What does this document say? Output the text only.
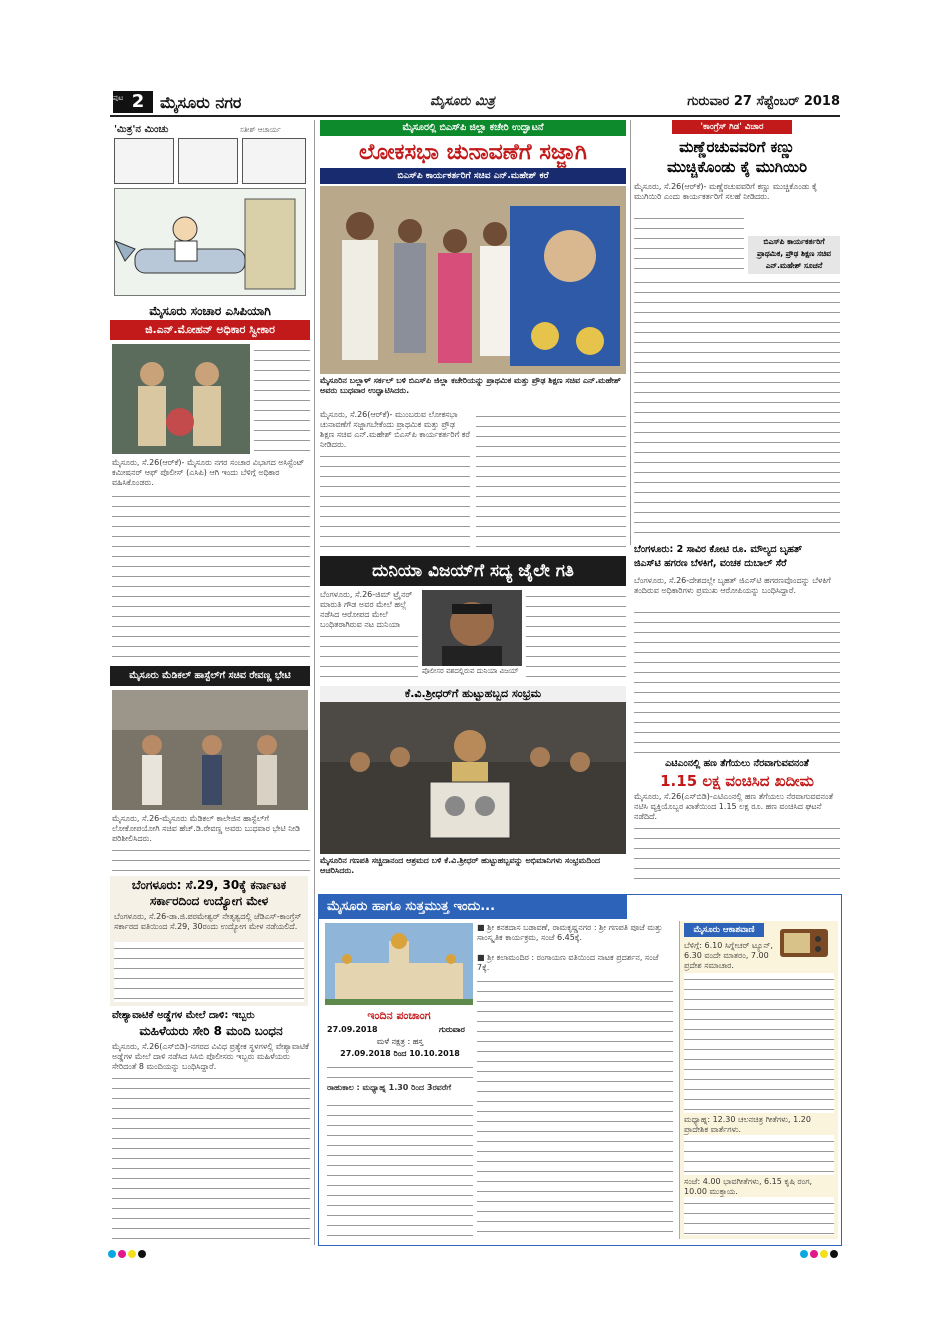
ಪುಟ 2 ಮೈಸೂರು ನಗರ	ಮೈಸೂರು ಮಿತ್ರ	ಗುರುವಾರ 27 ಸೆಪ್ಟೆಂಬರ್ 2018
'ಮಿತ್ರ'ನ ಮಿಂಚು	ಸತೀಶ್ ಆಚಾರ್ಯ
ಮೈಸೂರು ಸಂಚಾರ ಎಸಿಪಿಯಾಗಿ
ಜಿ.ಎನ್.ಮೋಹನ್ ಅಧಿಕಾರ ಸ್ವೀಕಾರ
ಮೈಸೂರು, ಸೆ.26(ಆರ್‌ಕೆ)- ಮೈಸೂರು ನಗರ ಸಂಚಾರ ವಿಭಾಗದ ಅಸಿಸ್ಟೆಂಟ್ ಕಮೀಷನರ್ ಆಫ್ ಪೊಲೀಸ್ (ಎಸಿಪಿ) ಆಗಿ ಇಂದು ಬೆಳಿಗ್ಗೆ ಅಧಿಕಾರ ವಹಿಸಿಕೊಂಡರು.
ಮೈಸೂರು ಮೆಡಿಕಲ್ ಹಾಸ್ಟೆಲ್‌ಗೆ ಸಚಿವ ರೇವಣ್ಣ ಭೇಟಿ
ಮೈಸೂರು, ಸೆ.26-ಮೈಸೂರು ಮೆಡಿಕಲ್ ಕಾಲೇಜಿನ ಹಾಸ್ಟೆಲ್‌ಗೆ ಲೋಕೋಪಯೋಗಿ ಸಚಿವ ಹೆಚ್.ಡಿ.ರೇವಣ್ಣ ಅವರು ಬುಧವಾರ ಭೇಟಿ ನೀಡಿ ಪರಿಶೀಲಿಸಿದರು.
ಬೆಂಗಳೂರು: ಸೆ.29, 30ಕ್ಕೆ ಕರ್ನಾಟಕ
ಸರ್ಕಾರದಿಂದ ಉದ್ಯೋಗ ಮೇಳ
ಬೆಂಗಳೂರು, ಸೆ.26-ಡಾ.ಜಿ.ಪರಮೇಶ್ವರ್ ನೇತೃತ್ವದಲ್ಲಿ ಜೆಡಿಎಸ್-ಕಾಂಗ್ರೆಸ್ ಸರ್ಕಾರದ ವತಿಯಿಂದ ಸೆ.29, 30ರಂದು ಉದ್ಯೋಗ ಮೇಳ ನಡೆಯಲಿದೆ.
ವೇಶ್ಯಾವಾಟಿಕೆ ಅಡ್ಡೆಗಳ ಮೇಲೆ ದಾಳಿ: ಇಬ್ಬರು
ಮಹಿಳೆಯರು ಸೇರಿ 8 ಮಂದಿ ಬಂಧನ
ಮೈಸೂರು, ಸೆ.26(ಎಸ್‌ಬಿಡಿ)-ನಗರದ ವಿವಿಧ ಪ್ರತ್ಯೇಕ ಸ್ಥಳಗಳಲ್ಲಿ ವೇಶ್ಯಾವಾಟಿಕೆ ಅಡ್ಡೆಗಳ ಮೇಲೆ ದಾಳಿ ನಡೆಸಿದ ಸಿಸಿಬಿ ಪೊಲೀಸರು ಇಬ್ಬರು ಮಹಿಳೆಯರು ಸೇರಿದಂತೆ 8 ಮಂದಿಯನ್ನು ಬಂಧಿಸಿದ್ದಾರೆ.
ಮೈಸೂರಲ್ಲಿ ಬಿಎಸ್‌ಪಿ ಜಿಲ್ಲಾ ಕಚೇರಿ ಉದ್ಘಾಟನೆ
ಲೋಕಸಭಾ ಚುನಾವಣೆಗೆ ಸಜ್ಜಾಗಿ
ಬಿಎಸ್‌ಪಿ ಕಾರ್ಯಕರ್ತರಿಗೆ ಸಚಿವ ಎನ್.ಮಹೇಶ್ ಕರೆ
ಮೈಸೂರಿನ ಬಲ್ಲಾಳ್ ಸರ್ಕಲ್ ಬಳಿ ಬಿಎಸ್‌ಪಿ ಜಿಲ್ಲಾ ಕಚೇರಿಯನ್ನು ಪ್ರಾಥಮಿಕ ಮತ್ತು ಪ್ರೌಢ ಶಿಕ್ಷಣ ಸಚಿವ ಎನ್.ಮಹೇಶ್ ಅವರು ಬುಧವಾರ ಉದ್ಘಾಟಿಸಿದರು.
ಮೈಸೂರು, ಸೆ.26(ಆರ್‌ಕೆ)- ಮುಂಬರುವ ಲೋಕಸಭಾ ಚುನಾವಣೆಗೆ ಸಜ್ಜಾಗಬೇಕೆಂದು ಪ್ರಾಥಮಿಕ ಮತ್ತು ಪ್ರೌಢ ಶಿಕ್ಷಣ ಸಚಿವ ಎನ್.ಮಹೇಶ್ ಬಿಎಸ್‌ಪಿ ಕಾರ್ಯಕರ್ತರಿಗೆ ಕರೆ ನೀಡಿದರು.
'ಕಾಂಗ್ರೆಸ್ ಗಿಡ' ವಿಚಾರ
ಮಣ್ಣೆರಚುವವರಿಗೆ ಕಣ್ಣು
ಮುಚ್ಚಿಕೊಂಡು ಕೈ ಮುಗಿಯಿರಿ
ಮೈಸೂರು, ಸೆ.26(ಆರ್‌ಕೆ)- ಮಣ್ಣೆರಚುವವರಿಗೆ ಕಣ್ಣು ಮುಚ್ಚಿಕೊಂಡು ಕೈ ಮುಗಿಯಿರಿ ಎಂದು ಕಾರ್ಯಕರ್ತರಿಗೆ ಸಲಹೆ ನೀಡಿದರು.
ಬಿಎಸ್‌ಪಿ ಕಾರ್ಯಕರ್ತರಿಗೆ
ಪ್ರಾಥಮಿಕ, ಪ್ರೌಢ ಶಿಕ್ಷಣ ಸಚಿವ
ಎನ್.ಮಹೇಶ್ ಸೂಚನೆ
ದುನಿಯಾ ವಿಜಯ್‌ಗೆ ಸದ್ಯ ಜೈಲೇ ಗತಿ
ಬೆಂಗಳೂರು, ಸೆ.26-ಜಿಮ್ ಟ್ರೈನರ್ ಮಾರುತಿ ಗೌಡ ಅವರ ಮೇಲೆ ಹಲ್ಲೆ ನಡೆಸಿದ ಆರೋಪದ ಮೇಲೆ ಬಂಧಿತರಾಗಿರುವ ನಟ ದುನಿಯಾ
ಪೊಲೀಸರ ವಶದಲ್ಲಿರುವ ದುನಿಯಾ ವಿಜಯ್
ಕೆ.ವಿ.ಶ್ರೀಧರ್‌ಗೆ ಹುಟ್ಟುಹಬ್ಬದ ಸಂಭ್ರಮ
ಮೈಸೂರಿನ ಗಣಪತಿ ಸಚ್ಚಿದಾನಂದ ಆಶ್ರಮದ ಬಳಿ ಕೆ.ವಿ.ಶ್ರೀಧರ್ ಹುಟ್ಟುಹಬ್ಬವನ್ನು ಅಭಿಮಾನಿಗಳು ಸಂಭ್ರಮದಿಂದ ಆಚರಿಸಿದರು.
ಬೆಂಗಳೂರು: 2 ಸಾವಿರ ಕೋಟಿ ರೂ. ಮೌಲ್ಯದ ಬೃಹತ್
ಜಿಎಸ್‌ಟಿ ಹಗರಣ ಬೆಳಕಿಗೆ, ವಂಚಕ ದುಬಾಲ್ ಸೆರೆ
ಬೆಂಗಳೂರು, ಸೆ.26-ದೇಶದಲ್ಲೇ ಬೃಹತ್ ಜಿಎಸ್‌ಟಿ ಹಗರಣವೊಂದನ್ನು ಬೆಳಕಿಗೆ ತಂದಿರುವ ಅಧಿಕಾರಿಗಳು ಪ್ರಮುಖ ಆರೋಪಿಯನ್ನು ಬಂಧಿಸಿದ್ದಾರೆ.
ಎಟಿಎಂನಲ್ಲಿ ಹಣ ತೆಗೆಯಲು ನೆರವಾಗುವವನಂತೆ
1.15 ಲಕ್ಷ ವಂಚಿಸಿದ ಖದೀಮ
ಮೈಸೂರು, ಸೆ.26(ಎಸ್‌ಬಿಡಿ)-ಎಟಿಎಂನಲ್ಲಿ ಹಣ ತೆಗೆಯಲು ನೆರವಾಗುವವನಂತೆ ನಟಿಸಿ ವ್ಯಕ್ತಿಯೊಬ್ಬರ ಖಾತೆಯಿಂದ 1.15 ಲಕ್ಷ ರೂ. ಹಣ ವಂಚಿಸಿದ ಘಟನೆ ನಡೆದಿದೆ.
ಮೈಸೂರು ಹಾಗೂ ಸುತ್ತಮುತ್ತ ಇಂದು...
ಇಂದಿನ ಪಂಚಾಂಗ
27.09.2018	ಗುರುವಾರ
ಮಳೆ ನಕ್ಷತ್ರ : ಹಸ್ತ
27.09.2018 ರಿಂದ 10.10.2018
ರಾಹುಕಾಲ : ಮಧ್ಯಾಹ್ನ 1.30 ರಿಂದ 3ರವರೆಗೆ
■ ಶ್ರೀ ಕನಕದಾಸ ಬಡಾವಣೆ, ರಾಮಕೃಷ್ಣನಗರ : ಶ್ರೀ ಗಣಪತಿ ಪೂಜೆ ಮತ್ತು ಸಾಂಸ್ಕೃತಿಕ ಕಾರ್ಯಕ್ರಮ, ಸಂಜೆ 6.45ಕ್ಕೆ.
■ ಶ್ರೀ ಕಲಾಮಂದಿರ : ರಂಗಾಯಣ ವತಿಯಿಂದ ನಾಟಕ ಪ್ರದರ್ಶನ, ಸಂಜೆ 7ಕ್ಕೆ.
ಮೈಸೂರು ಆಕಾಶವಾಣಿ
ಬೆಳಿಗ್ಗೆ: 6.10 ಸಿಗ್ನೇಚರ್ ಟ್ಯೂನ್, 6.30 ವಂದೇ ಮಾತರಂ, 7.00 ಪ್ರದೇಶ ಸಮಾಚಾರ.
ಮಧ್ಯಾಹ್ನ: 12.30 ಚಲನಚಿತ್ರ ಗೀತೆಗಳು, 1.20 ಪ್ರಾದೇಶಿಕ ವಾರ್ತೆಗಳು.
ಸಂಜೆ: 4.00 ಭಾವಗೀತೆಗಳು, 6.15 ಕೃಷಿ ರಂಗ, 10.00 ಮುಕ್ತಾಯ.
